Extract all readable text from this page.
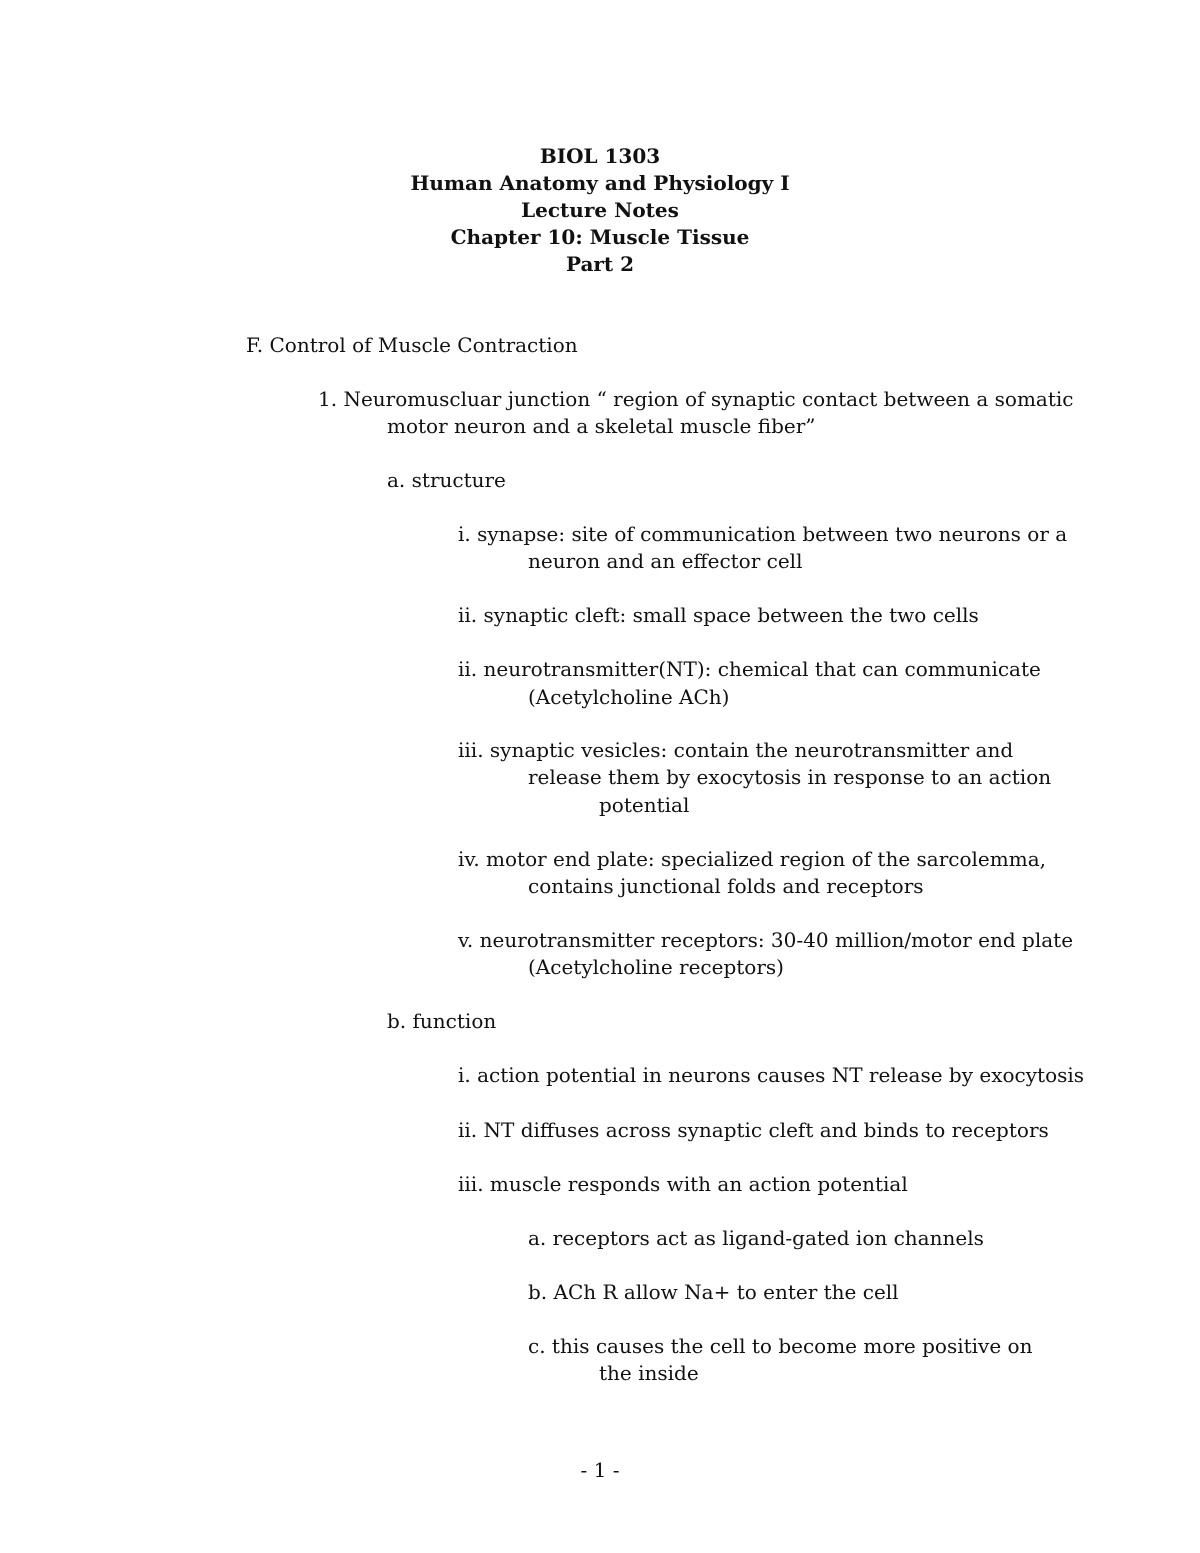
BIOL 1303
Human Anatomy and Physiology I
Lecture Notes
Chapter 10: Muscle Tissue
Part 2
F. Control of Muscle Contraction
1. Neuromuscluar junction “ region of synaptic contact between a somatic
motor neuron and a skeletal muscle fiber”
a. structure
i. synapse: site of communication between two neurons or a
neuron and an effector cell
ii. synaptic cleft: small space between the two cells
ii. neurotransmitter(NT): chemical that can communicate
(Acetylcholine ACh)
iii. synaptic vesicles: contain the neurotransmitter and
release them by exocytosis in response to an action
potential
iv. motor end plate: specialized region of the sarcolemma,
contains junctional folds and receptors
v. neurotransmitter receptors: 30-40 million/motor end plate
(Acetylcholine receptors)
b. function
i. action potential in neurons causes NT release by exocytosis
ii. NT diffuses across synaptic cleft and binds to receptors
iii. muscle responds with an action potential
a. receptors act as ligand-gated ion channels
b. ACh R allow Na+ to enter the cell
c. this causes the cell to become more positive on
the inside
- 1 -
